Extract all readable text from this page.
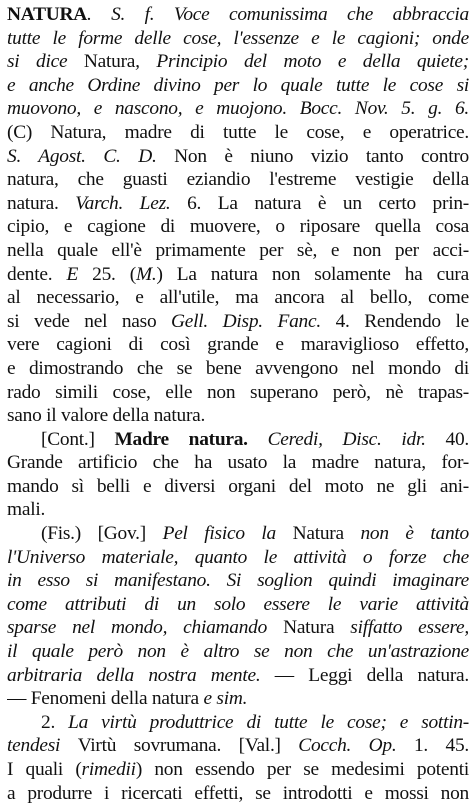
NATURA. S. f. Voce comunissima che abbraccia
tutte le forme delle cose, l'essenze e le cagioni; onde
si dice Natura, Principio del moto e della quiete;
e anche Ordine divino per lo quale tutte le cose si
muovono, e nascono, e muojono. Bocc. Nov. 5. g. 6.
(C) Natura, madre di tutte le cose, e operatrice.
S. Agost. C. D. Non è niuno vizio tanto contro
natura, che guasti eziandio l'estreme vestigie della
natura. Varch. Lez. 6. La natura è un certo prin-
cipio, e cagione di muovere, o riposare quella cosa
nella quale ell'è primamente per sè, e non per acci-
dente. E 25. (M.) La natura non solamente ha cura
al necessario, e all'utile, ma ancora al bello, come
si vede nel naso Gell. Disp. Fanc. 4. Rendendo le
vere cagioni di così grande e maraviglioso effetto,
e dimostrando che se bene avvengono nel mondo di
rado simili cose, elle non superano però, nè trapas-
sano il valore della natura.
[Cont.] Madre natura. Ceredi, Disc. idr. 40.
Grande artificio che ha usato la madre natura, for-
mando sì belli e diversi organi del moto ne gli ani-
mali.
(Fis.) [Gov.] Pel fisico la Natura non è tanto
l'Universo materiale, quanto le attività o forze che
in esso si manifestano. Si soglion quindi imaginare
come attributi di un solo essere le varie attività
sparse nel mondo, chiamando Natura siffatto essere,
il quale però non è altro se non che un'astrazione
arbitraria della nostra mente. — Leggi della natura.
— Fenomeni della natura e sim.
2. La virtù produttrice di tutte le cose; e sottin-
tendesi Virtù sovrumana. [Val.] Cocch. Op. 1. 45.
I quali (rimedii) non essendo per se medesimi potenti
a produrre i ricercati effetti, se introdotti e mossi non
